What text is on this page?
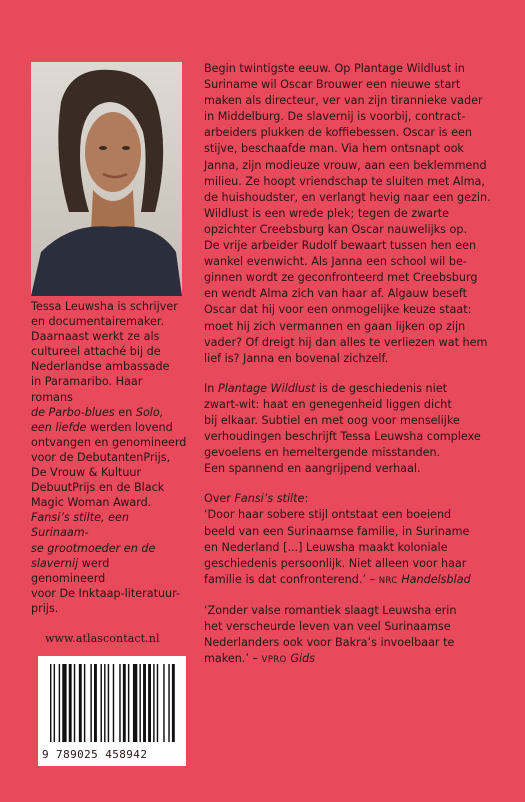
Tessa Leuwsha is schrijver

en documentairemaker.

Daarnaast werkt ze als

cultureel attaché bij de

Nederlandse ambassade

in Paramaribo. Haar romans

de Parbo-blues en Solo,

een liefde werden lovend

ontvangen en genomineerd

voor de DebutantenPrijs,

De Vrouw & Kultuur

DebuutPrijs en de Black

Magic Woman Award.

Fansi’s stilte, een Surinaam-

se grootmoeder en de

slavernij werd genomineerd

voor De Inktaap-literatuur-

prijs.

www.atlascontact.nl
9 789025 458942

Begin twintigste eeuw. Op Plantage Wildlust in

Suriname wil Oscar Brouwer een nieuwe start

maken als directeur, ver van zijn tirannieke vader

in Middelburg. De slavernij is voorbij, contract-

arbeiders plukken de koffiebessen. Oscar is een

stijve, beschaafde man. Via hem ontsnapt ook

Janna, zijn modieuze vrouw, aan een beklemmend

milieu. Ze hoopt vriendschap te sluiten met Alma,

de huishoudster, en verlangt hevig naar een gezin.

Wildlust is een wrede plek; tegen de zwarte

opzichter Creebsburg kan Oscar nauwelijks op.

De vrije arbeider Rudolf bewaart tussen hen een

wankel evenwicht. Als Janna een school wil be-

ginnen wordt ze geconfronteerd met Creebsburg

en wendt Alma zich van haar af. Algauw beseft

Oscar dat hij voor een onmogelijke keuze staat:

moet hij zich vermannen en gaan lijken op zijn

vader? Of dreigt hij dan alles te verliezen wat hem

lief is? Janna en bovenal zichzelf.

In Plantage Wildlust is de geschiedenis niet

zwart-wit: haat en genegenheid liggen dicht

bij elkaar. Subtiel en met oog voor menselijke

verhoudingen beschrijft Tessa Leuwsha complexe

gevoelens en hemeltergende misstanden.

Een spannend en aangrijpend verhaal.

Over Fansi’s stilte:

‘Door haar sobere stijl ontstaat een boeiend

beeld van een Surinaamse familie, in Suriname

en Nederland [...] Leuwsha maakt koloniale

geschiedenis persoonlijk. Niet alleen voor haar

familie is dat confronterend.’ – NRC Handelsblad

‘Zonder valse romantiek slaagt Leuwsha erin

het verscheurde leven van veel Surinaamse

Nederlanders ook voor Bakra’s invoelbaar te

maken.’ – VPRO Gids
